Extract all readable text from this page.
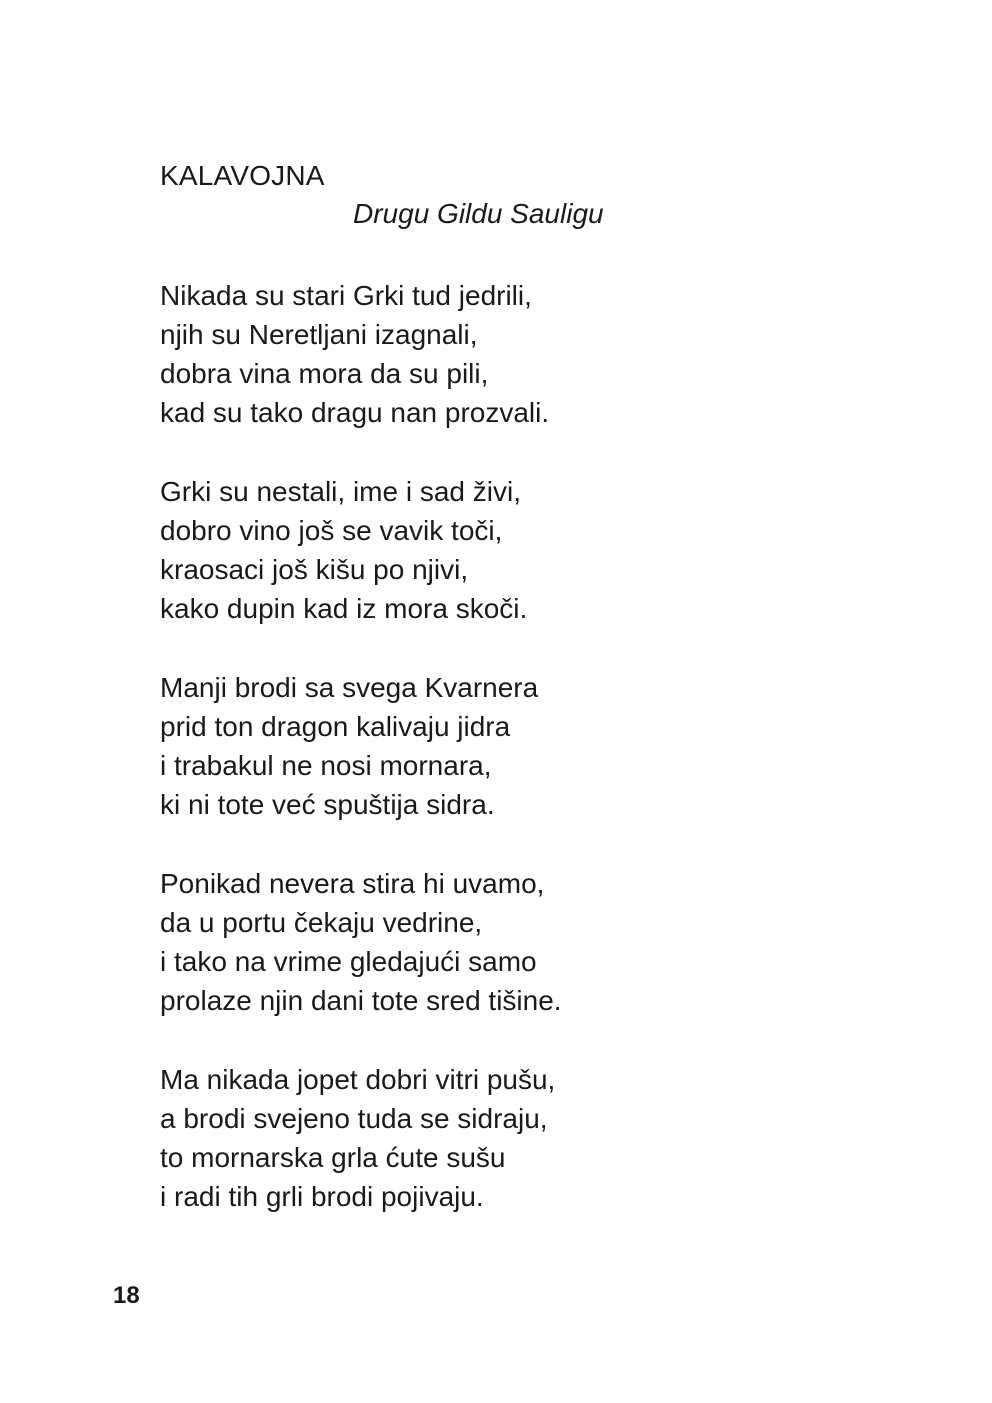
KALAVOJNA
Drugu Gildu Sauligu
Nikada su stari Grki tud jedrili,
njih su Neretljani izagnali,
dobra vina mora da su pili,
kad su tako dragu nan prozvali.
Grki su nestali, ime i sad živi,
dobro vino još se vavik toči,
kraosaci još kišu po njivi,
kako dupin kad iz mora skoči.
Manji brodi sa svega Kvarnera
prid ton dragon kalivaju jidra
i trabakul ne nosi mornara,
ki ni tote već spuštija sidra.
Ponikad nevera stira hi uvamo,
da u portu čekaju vedrine,
i tako na vrime gledajući samo
prolaze njin dani tote sred tišine.
Ma nikada jopet dobri vitri pušu,
a brodi svejeno tuda se sidraju,
to mornarska grla ćute sušu
i radi tih grli brodi pojivaju.
18
